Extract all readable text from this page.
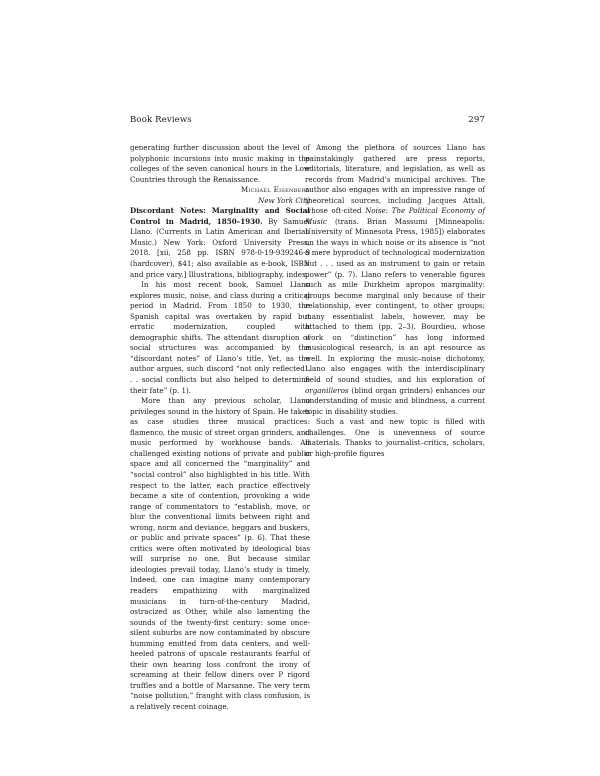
Book Reviews	297

generating further discussion about the level of polyphonic incursions into music making in the colleges of the seven canonical hours in the Low Countries through the Renaissance.

Michael Eisenberg

New York City

Discordant Notes: Marginality and Social Control in Madrid, 1850–1930. By Samuel Llano. (Currents in Latin American and Iberian Music.) New York: Oxford University Press, 2018. [xii, 258 pp. ISBN 978-0-19-939246-9 (hardcover), $41; also available as e-book, ISBN and price vary.] Illustrations, bibliography, index.

In his most recent book, Samuel Llano explores music, noise, and class during a critical period in Madrid. From 1850 to 1930, the Spanish capital was overtaken by rapid but erratic modernization, coupled with demographic shifts. The attendant disruption of social structures was accompanied by the “discordant notes” of Llano’s title. Yet, as the author argues, such discord “not only reflected . . . social conflicts but also helped to determine their fate” (p. 1).

More than any previous scholar, Llano privileges sound in the history of Spain. He takes as case studies three musical practices: flamenco, the music of street organ grinders, and music performed by workhouse bands. All challenged existing notions of private and public space and all concerned the “marginality” and “social control” also highlighted in his title. With respect to the latter, each practice effectively became a site of contention, provoking a wide range of commentators to “establish, move, or blur the conventional limits between right and wrong, norm and deviance, beggars and buskers, or public and private spaces” (p. 6). That these critics were often motivated by ideological bias will surprise no one. But because similar ideologies prevail today, Llano’s study is timely. Indeed, one can imagine many contemporary readers empathizing with marginalized musicians in turn-of-the-century Madrid, ostracized as Other, while also lamenting the sounds of the twenty-first century: some once-silent suburbs are now contaminated by obscure humming emitted from data centers, and well-heeled patrons of upscale restaurants fearful of their own hearing loss confront the irony of screaming at their fellow diners over P rigord truffles and a bottle of Marsanne. The very term “noise pollution,” fraught with class confusion, is a relatively recent coinage.

Among the plethora of sources Llano has painstakingly gathered are press reports, editorials, literature, and legislation, as well as records from Madrid’s municipal archives. The author also engages with an impressive range of theoretical sources, including Jacques Attali, whose oft-cited Noise: The Political Economy of Music (trans. Brian Massumi [Minneapolis: University of Minnesota Press, 1985]) elaborates on the ways in which noise or its absence is “not a mere byproduct of technological modernization but . . . used as an instrument to gain or retain power” (p. 7). Llano refers to venerable figures such as mile Durkheim apropos marginality: groups become marginal only because of their relationship, ever contingent, to other groups; many essentialist labels, however, may be attached to them (pp. 2–3). Bourdieu, whose work on “distinction” has long informed musicological research, is an apt resource as well. In exploring the music–noise dichotomy, Llano also engages with the interdisciplinary field of sound studies, and his exploration of organilleros (blind organ grinders) enhances our understanding of music and blindness, a current topic in disability studies.

Such a vast and new topic is filled with challenges. One is unevenness of source materials. Thanks to journalist–critics, scholars, or high-profile figures
